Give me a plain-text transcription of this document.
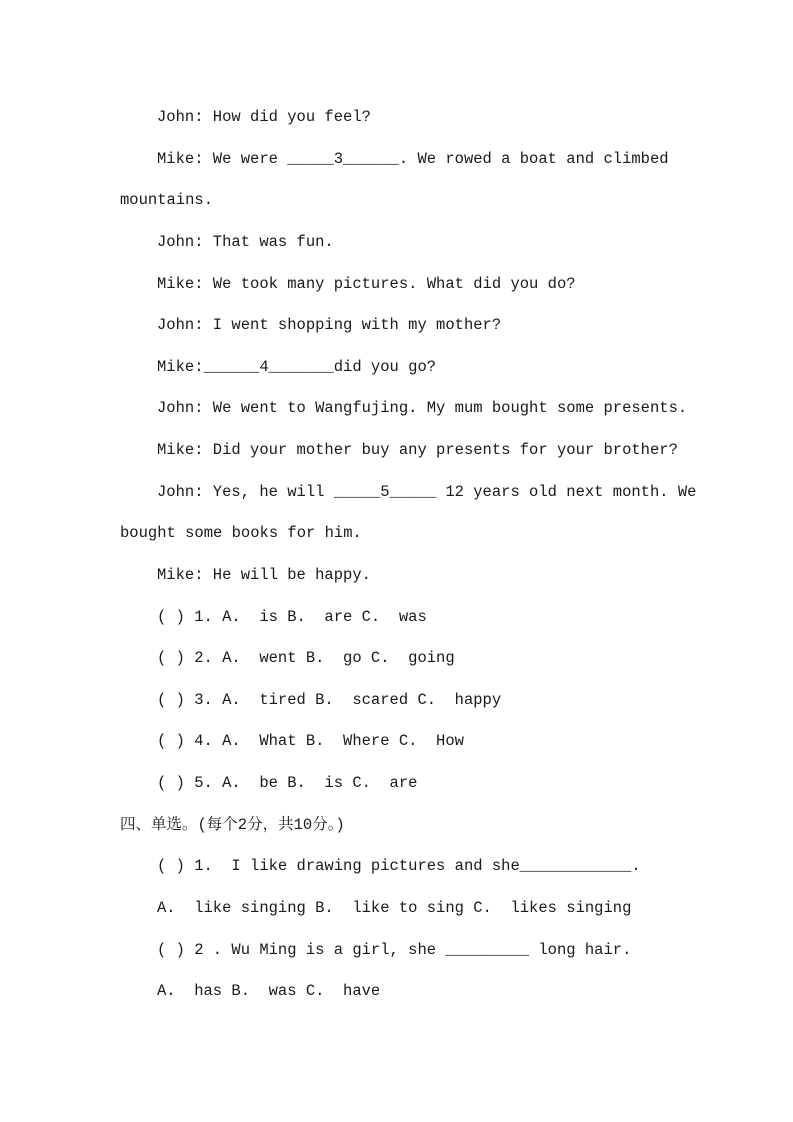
John: How did you feel?
Mike: We were _____3______. We rowed a boat and climbed
mountains.
John: That was fun.
Mike: We took many pictures. What did you do?
John: I went shopping with my mother?
Mike:______4_______did you go?
John: We went to Wangfujing. My mum bought some presents.
Mike: Did your mother buy any presents for your brother?
John: Yes, he will _____5_____ 12 years old next month. We
bought some books for him.
Mike: He will be happy.
( ) 1. A.  is B.  are C.  was
( ) 2. A.  went B.  go C.  going
( ) 3. A.  tired B.  scared C.  happy
( ) 4. A.  What B.  Where C.  How
( ) 5. A.  be B.  is C.  are
四、单选。(每个2分，共10分。)
( ) 1.  I like drawing pictures and she____________.
A.  like singing B.  like to sing C.  likes singing
( ) 2 . Wu Ming is a girl, she _________ long hair.
A.  has B.  was C.  have
